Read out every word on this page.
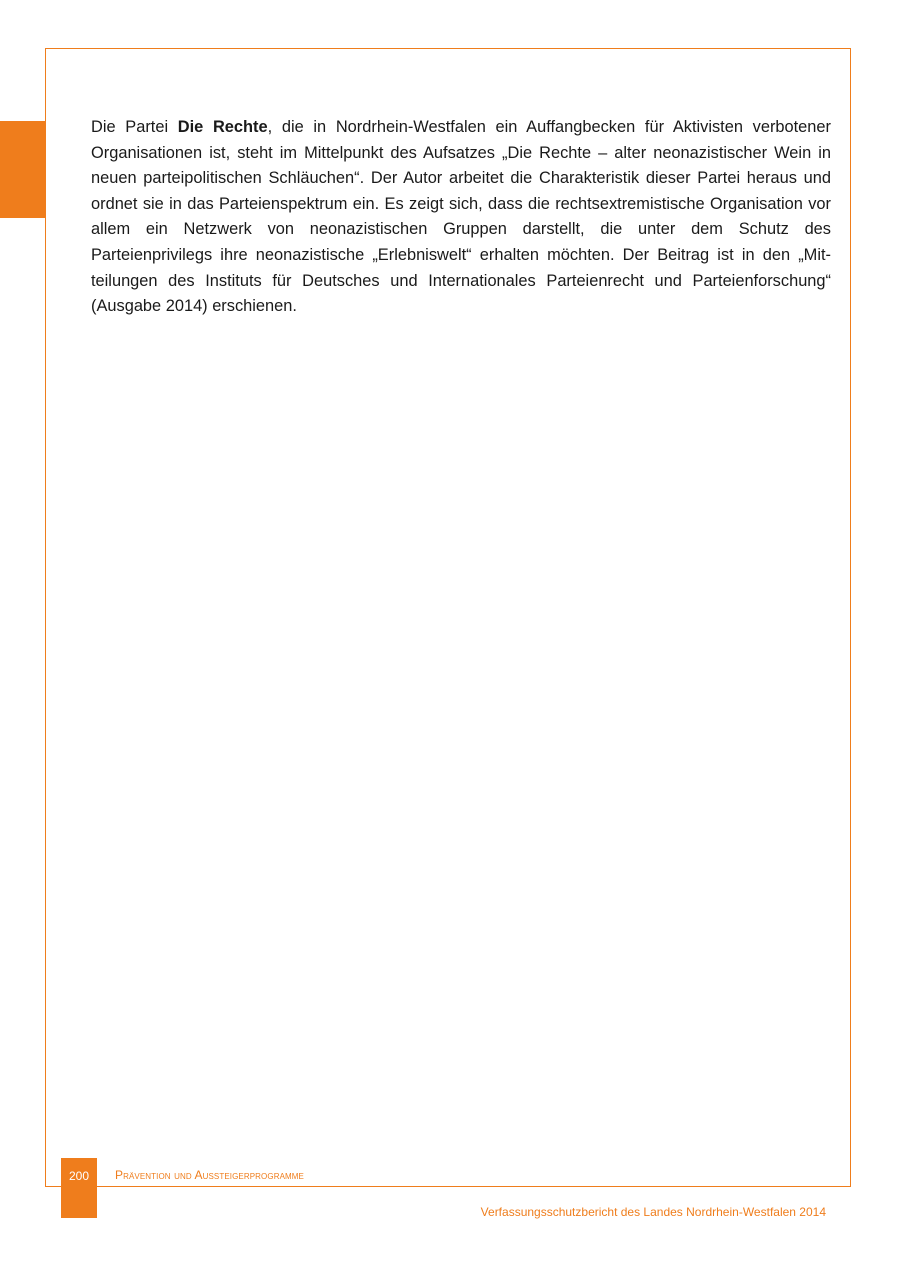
Die Partei Die Rechte, die in Nordrhein-Westfalen ein Auffangbecken für Aktivisten verbotener Organisationen ist, steht im Mittelpunkt des Aufsatzes „Die Rechte – alter neonazistischer Wein in neuen parteipolitischen Schläuchen“. Der Autor arbeitet die Charakteristik dieser Partei heraus und ordnet sie in das Parteienspektrum ein. Es zeigt sich, dass die rechtsextremistische Organisation vor allem ein Netzwerk von neonazistischen Gruppen darstellt, die unter dem Schutz des Parteienprivilegs ihre neonazistische „Erlebniswelt“ erhalten möchten. Der Beitrag ist in den „Mitteilungen des Instituts für Deutsches und Internationales Parteienrecht und Parteienforschung“ (Ausgabe 2014) erschienen.

200	Prävention und Aussteigerprogramme
Verfassungsschutzbericht des Landes Nordrhein-Westfalen 2014
